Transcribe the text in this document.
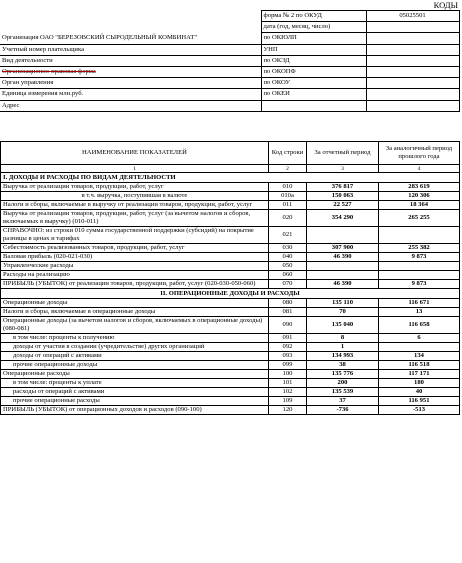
КОДЫ
	форма № 2 по ОКУД	05025501
	дата (год, месяц, число)	
Организация ОАО "БЕРЕЗОВСКИЙ СЫРОДЕЛЬНЫЙ КОМБИНАТ"	по ОКЮЛП	
Учетный номер плательщика	УНП	
Вид деятельности	по ОКЭД	
Организационно-правовая форма	по ОКОПФ	
Орган управления	по ОКОУ	
Единица измерения млн.руб.	по ОКЕИ	
Адрес		
НАИМЕНОВАНИЕ ПОКАЗАТЕЛЕЙ	Код строки	За отчетный период	За аналогичный период прошлого года
1	2	3	4
I. ДОХОДЫ И РАСХОДЫ ПО ВИДАМ ДЕЯТЕЛЬНОСТИ			
Выручка от реализации товаров, продукции, работ, услуг	010	376 817	283 619
в т.ч. выручка, поступившая в валюте	010а	150 063	120 306
Налоги и сборы, включаемые в выручку от реализации товаров, продукции, работ, услуг	011	22 527	18 364
Выручка от реализации товаров, продукции, работ, услуг (за вычетом налогов и сборов, включаемых в выручку) (010-011)	020	354 290	265 255
СПРАВОЧНО: из строки 010 сумма государственной поддержки (субсидий) на покрытие разницы в ценах и тарифах	021		
Себестоимость реализованных товаров, продукции, работ, услуг	030	307 900	255 382
Валовая прибыль (020-021-030)	040	46 390	9 873
Управленческие расходы	050		
Расходы на реализацию	060		
ПРИБЫЛЬ (УБЫТОК) от реализации товаров, продукции, работ, услуг (020-030-050-060)	070	46 390	9 873
II. ОПЕРАЦИОННЫЕ ДОХОДЫ И РАСХОДЫ			
Операционные доходы	080	135 110	116 671
Налоги и сборы, включаемые в операционные доходы	081	70	13
Операционные доходы (за вычетом налогов и сборов, включаемых в операционные доходы) (080-081)	090	135 040	116 658
в том числе: проценты к получению	091	8	6
доходы от участия в создании (учредительстве) других организаций	092	1	
доходы от операций с активами	093	134 993	134
прочие операционные доходы	099	38	116 518
Операционные расходы	100	135 776	117 171
в том числе: проценты к уплате	101	200	180
расходы от операций с активами	102	135 539	40
прочие операционные расходы	109	37	116 951
ПРИБЫЛЬ (УБЫТОК) от операционных доходов и расходов (090-100)	120	-736	-513
